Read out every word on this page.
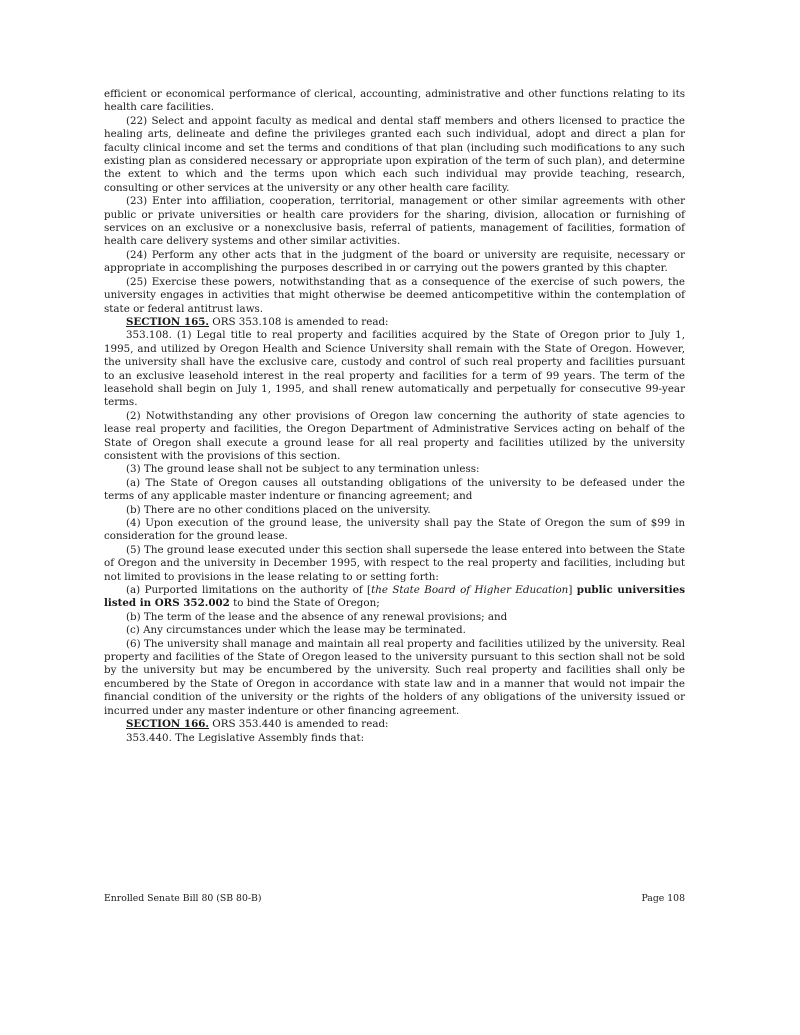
efficient or economical performance of clerical, accounting, administrative and other functions relating to its health care facilities.

(22) Select and appoint faculty as medical and dental staff members and others licensed to practice the healing arts, delineate and define the privileges granted each such individual, adopt and direct a plan for faculty clinical income and set the terms and conditions of that plan (including such modifications to any such existing plan as considered necessary or appropriate upon expiration of the term of such plan), and determine the extent to which and the terms upon which each such individual may provide teaching, research, consulting or other services at the university or any other health care facility.

(23) Enter into affiliation, cooperation, territorial, management or other similar agreements with other public or private universities or health care providers for the sharing, division, allocation or furnishing of services on an exclusive or a nonexclusive basis, referral of patients, management of facilities, formation of health care delivery systems and other similar activities.

(24) Perform any other acts that in the judgment of the board or university are requisite, necessary or appropriate in accomplishing the purposes described in or carrying out the powers granted by this chapter.

(25) Exercise these powers, notwithstanding that as a consequence of the exercise of such powers, the university engages in activities that might otherwise be deemed anticompetitive within the contemplation of state or federal antitrust laws.

SECTION 165. ORS 353.108 is amended to read:

353.108. (1) Legal title to real property and facilities acquired by the State of Oregon prior to July 1, 1995, and utilized by Oregon Health and Science University shall remain with the State of Oregon. However, the university shall have the exclusive care, custody and control of such real property and facilities pursuant to an exclusive leasehold interest in the real property and facilities for a term of 99 years. The term of the leasehold shall begin on July 1, 1995, and shall renew automatically and perpetually for consecutive 99-year terms.

(2) Notwithstanding any other provisions of Oregon law concerning the authority of state agencies to lease real property and facilities, the Oregon Department of Administrative Services acting on behalf of the State of Oregon shall execute a ground lease for all real property and facilities utilized by the university consistent with the provisions of this section.

(3) The ground lease shall not be subject to any termination unless:

(a) The State of Oregon causes all outstanding obligations of the university to be defeased under the terms of any applicable master indenture or financing agreement; and

(b) There are no other conditions placed on the university.

(4) Upon execution of the ground lease, the university shall pay the State of Oregon the sum of $99 in consideration for the ground lease.

(5) The ground lease executed under this section shall supersede the lease entered into between the State of Oregon and the university in December 1995, with respect to the real property and facilities, including but not limited to provisions in the lease relating to or setting forth:

(a) Purported limitations on the authority of [the State Board of Higher Education] public universities listed in ORS 352.002 to bind the State of Oregon;

(b) The term of the lease and the absence of any renewal provisions; and

(c) Any circumstances under which the lease may be terminated.

(6) The university shall manage and maintain all real property and facilities utilized by the university. Real property and facilities of the State of Oregon leased to the university pursuant to this section shall not be sold by the university but may be encumbered by the university. Such real property and facilities shall only be encumbered by the State of Oregon in accordance with state law and in a manner that would not impair the financial condition of the university or the rights of the holders of any obligations of the university issued or incurred under any master indenture or other financing agreement.

SECTION 166. ORS 353.440 is amended to read:

353.440. The Legislative Assembly finds that:

Enrolled Senate Bill 80 (SB 80-B)	Page 108
